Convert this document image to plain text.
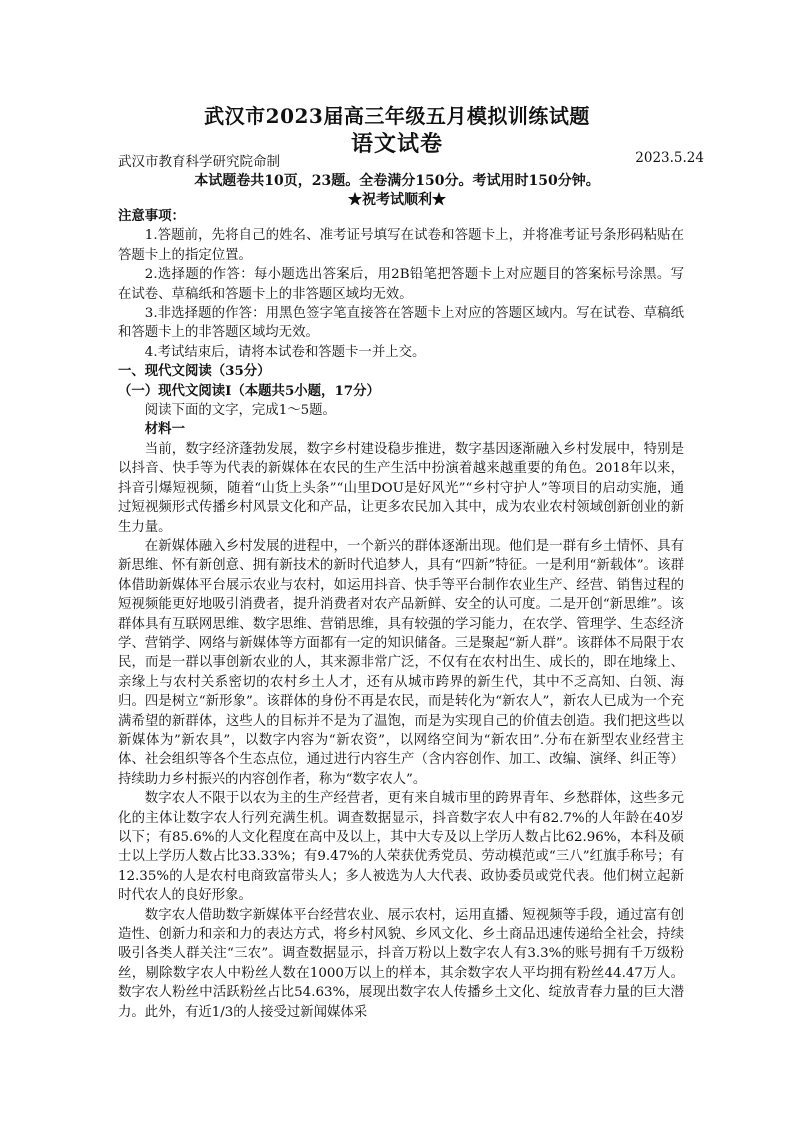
武汉市2023届高三年级五月模拟训练试题
语文试卷
武汉市教育科学研究院命制	2023.5.24
本试题卷共10页，23题。全卷满分150分。考试用时150分钟。
★祝考试顺利★

注意事项：

1.答题前，先将自己的姓名、准考证号填写在试卷和答题卡上，并将准考证号条形码粘贴在答题卡上的指定位置。

2.选择题的作答：每小题选出答案后，用2B铅笔把答题卡上对应题目的答案标号涂黑。写在试卷、草稿纸和答题卡上的非答题区域均无效。

3.非选择题的作答：用黑色签字笔直接答在答题卡上对应的答题区域内。写在试卷、草稿纸和答题卡上的非答题区域均无效。

4.考试结束后，请将本试卷和答题卡一并上交。

一、现代文阅读（35分）

（一）现代文阅读Ⅰ（本题共5小题，17分）

阅读下面的文字，完成1～5题。

材料一

当前，数字经济蓬勃发展，数字乡村建设稳步推进，数字基因逐渐融入乡村发展中，特别是以抖音、快手等为代表的新媒体在农民的生产生活中扮演着越来越重要的角色。2018年以来，抖音引爆短视频，随着“山货上头条”“山里DOU是好风光”“乡村守护人”等项目的启动实施，通过短视频形式传播乡村风景文化和产品，让更多农民加入其中，成为农业农村领域创新创业的新生力量。

在新媒体融入乡村发展的进程中，一个新兴的群体逐渐出现。他们是一群有乡土情怀、具有新思维、怀有新创意、拥有新技术的新时代追梦人，具有“四新”特征。一是利用“新载体”。该群体借助新媒体平台展示农业与农村，如运用抖音、快手等平台制作农业生产、经营、销售过程的短视频能更好地吸引消费者，提升消费者对农产品新鲜、安全的认可度。二是开创“新思维”。该群体具有互联网思维、数字思维、营销思维，具有较强的学习能力，在农学、管理学、生态经济学、营销学、网络与新媒体等方面都有一定的知识储备。三是聚起“新人群”。该群体不局限于农民，而是一群以事创新农业的人，其来源非常广泛，不仅有在农村出生、成长的，即在地缘上、亲缘上与农村关系密切的农村乡土人才，还有从城市跨界的新生代，其中不乏高知、白领、海归。四是树立“新形象”。该群体的身份不再是农民，而是转化为“新农人”，新农人已成为一个充满希望的新群体，这些人的目标并不是为了温饱，而是为实现自己的价值去创造。我们把这些以新媒体为”新农具”，以数字内容为“新农资”，以网络空间为“新农田”.分布在新型农业经营主体、社会组织等各个生态点位，通过进行内容生产（含内容创作、加工、改编、演绎、纠正等）持续助力乡村振兴的内容创作者，称为“数字农人”。

数字农人不限于以农为主的生产经营者，更有来自城市里的跨界青年、乡愁群体，这些多元化的主体让数字农人行列充满生机。调查数据显示，抖音数字农人中有82.7%的人年龄在40岁以下；有85.6%的人文化程度在高中及以上，其中大专及以上学历人数占比62.96%，本科及硕士以上学历人数占比33.33%；有9.47%的人荣获优秀党员、劳动模范或“三八”红旗手称号；有12.35%的人是农村电商致富带头人；多人被选为人大代表、政协委员或党代表。他们树立起新时代农人的良好形象。

数字农人借助数字新媒体平台经营农业、展示农村，运用直播、短视频等手段，通过富有创造性、创新力和亲和力的表达方式，将乡村风貌、乡风文化、乡土商品迅速传递给全社会，持续吸引各类人群关注“三农”。调查数据显示，抖音万粉以上数字农人有3.3%的账号拥有千万级粉丝，剔除数字农人中粉丝人数在1000万以上的样本，其余数字农人平均拥有粉丝44.47万人。数字农人粉丝中活跃粉丝占比54.63%，展现出数字农人传播乡土文化、绽放青春力量的巨大潜力。此外，有近1/3的人接受过新闻媒体采
